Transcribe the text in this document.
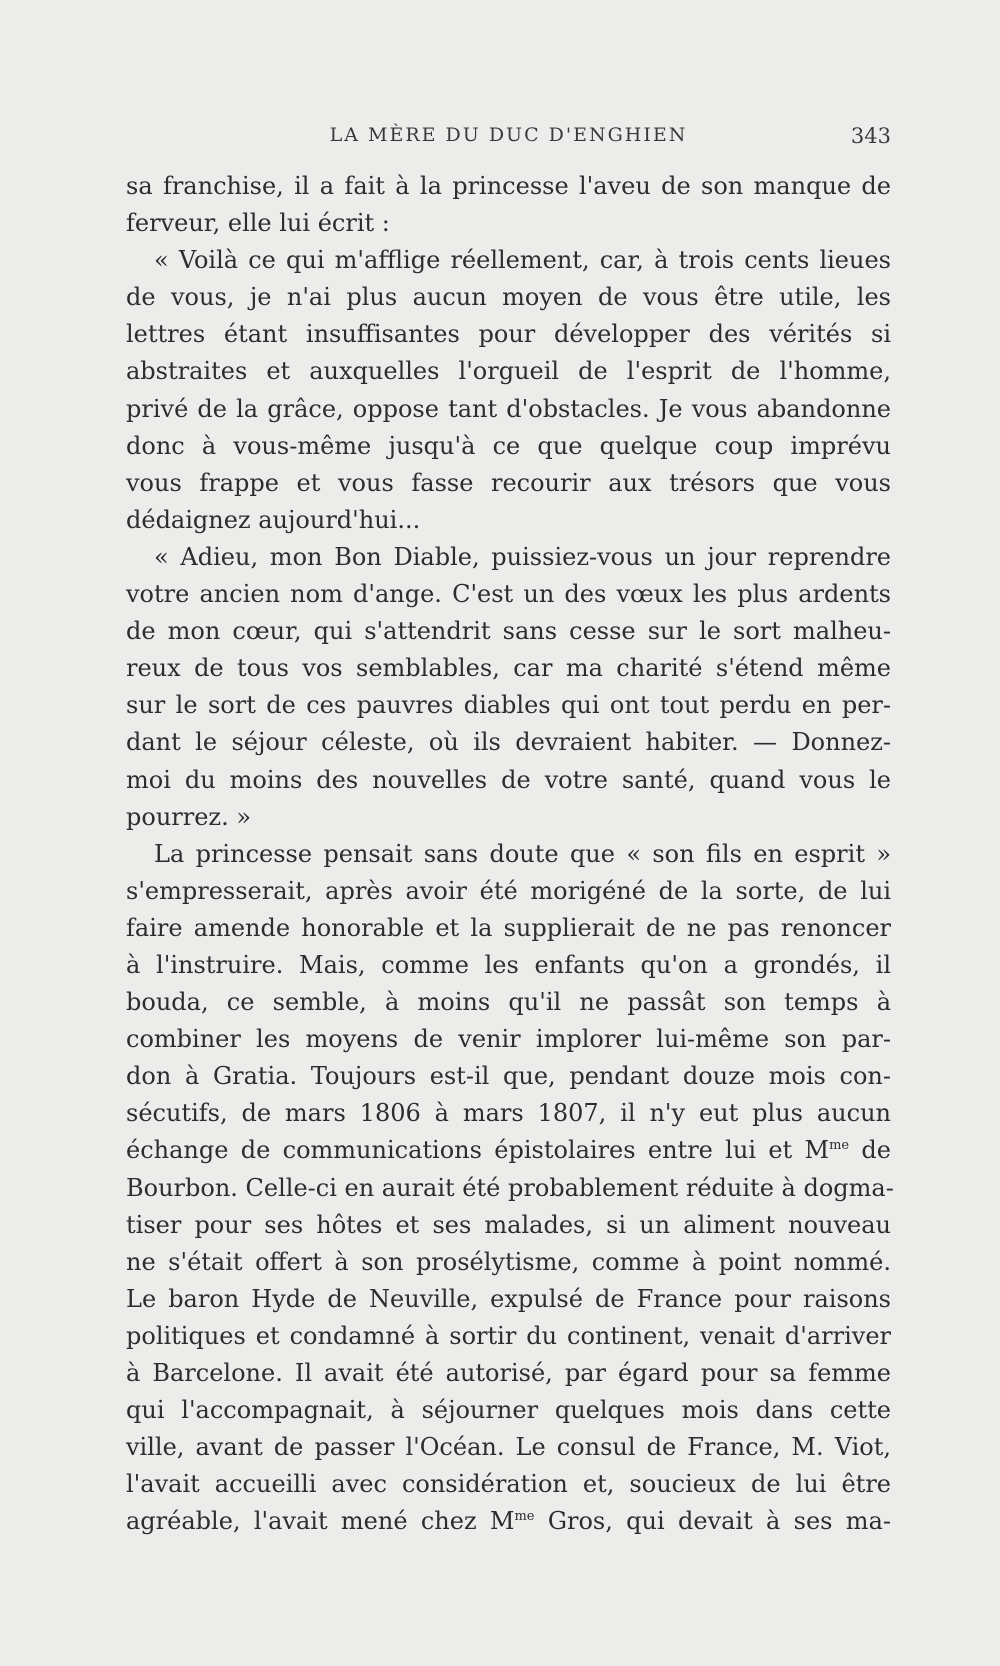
LA MÈRE DU DUC D'ENGHIEN	343
sa franchise, il a fait à la princesse l'aveu de son manque de
ferveur, elle lui écrit :
« Voilà ce qui m'afflige réellement, car, à trois cents lieues
de vous, je n'ai plus aucun moyen de vous être utile, les
lettres étant insuffisantes pour développer des vérités si
abstraites et auxquelles l'orgueil de l'esprit de l'homme,
privé de la grâce, oppose tant d'obstacles. Je vous abandonne
donc à vous-même jusqu'à ce que quelque coup imprévu
vous frappe et vous fasse recourir aux trésors que vous
dédaignez aujourd'hui...
« Adieu, mon Bon Diable, puissiez-vous un jour reprendre
votre ancien nom d'ange. C'est un des vœux les plus ardents
de mon cœur, qui s'attendrit sans cesse sur le sort malheu-
reux de tous vos semblables, car ma charité s'étend même
sur le sort de ces pauvres diables qui ont tout perdu en per-
dant le séjour céleste, où ils devraient habiter. — Donnez-
moi du moins des nouvelles de votre santé, quand vous le
pourrez. »
La princesse pensait sans doute que « son fils en esprit »
s'empresserait, après avoir été morigéné de la sorte, de lui
faire amende honorable et la supplierait de ne pas renoncer
à l'instruire. Mais, comme les enfants qu'on a grondés, il
bouda, ce semble, à moins qu'il ne passât son temps à
combiner les moyens de venir implorer lui-même son par-
don à Gratia. Toujours est-il que, pendant douze mois con-
sécutifs, de mars 1806 à mars 1807, il n'y eut plus aucun
échange de communications épistolaires entre lui et $M^{me}$ de
Bourbon. Celle-ci en aurait été probablement réduite à dogma-
tiser pour ses hôtes et ses malades, si un aliment nouveau
ne s'était offert à son prosélytisme, comme à point nommé.
Le baron Hyde de Neuville, expulsé de France pour raisons
politiques et condamné à sortir du continent, venait d'arriver
à Barcelone. Il avait été autorisé, par égard pour sa femme
qui l'accompagnait, à séjourner quelques mois dans cette
ville, avant de passer l'Océan. Le consul de France, M. Viot,
l'avait accueilli avec considération et, soucieux de lui être
agréable, l'avait mené chez $M^{me}$ Gros, qui devait à ses ma-
